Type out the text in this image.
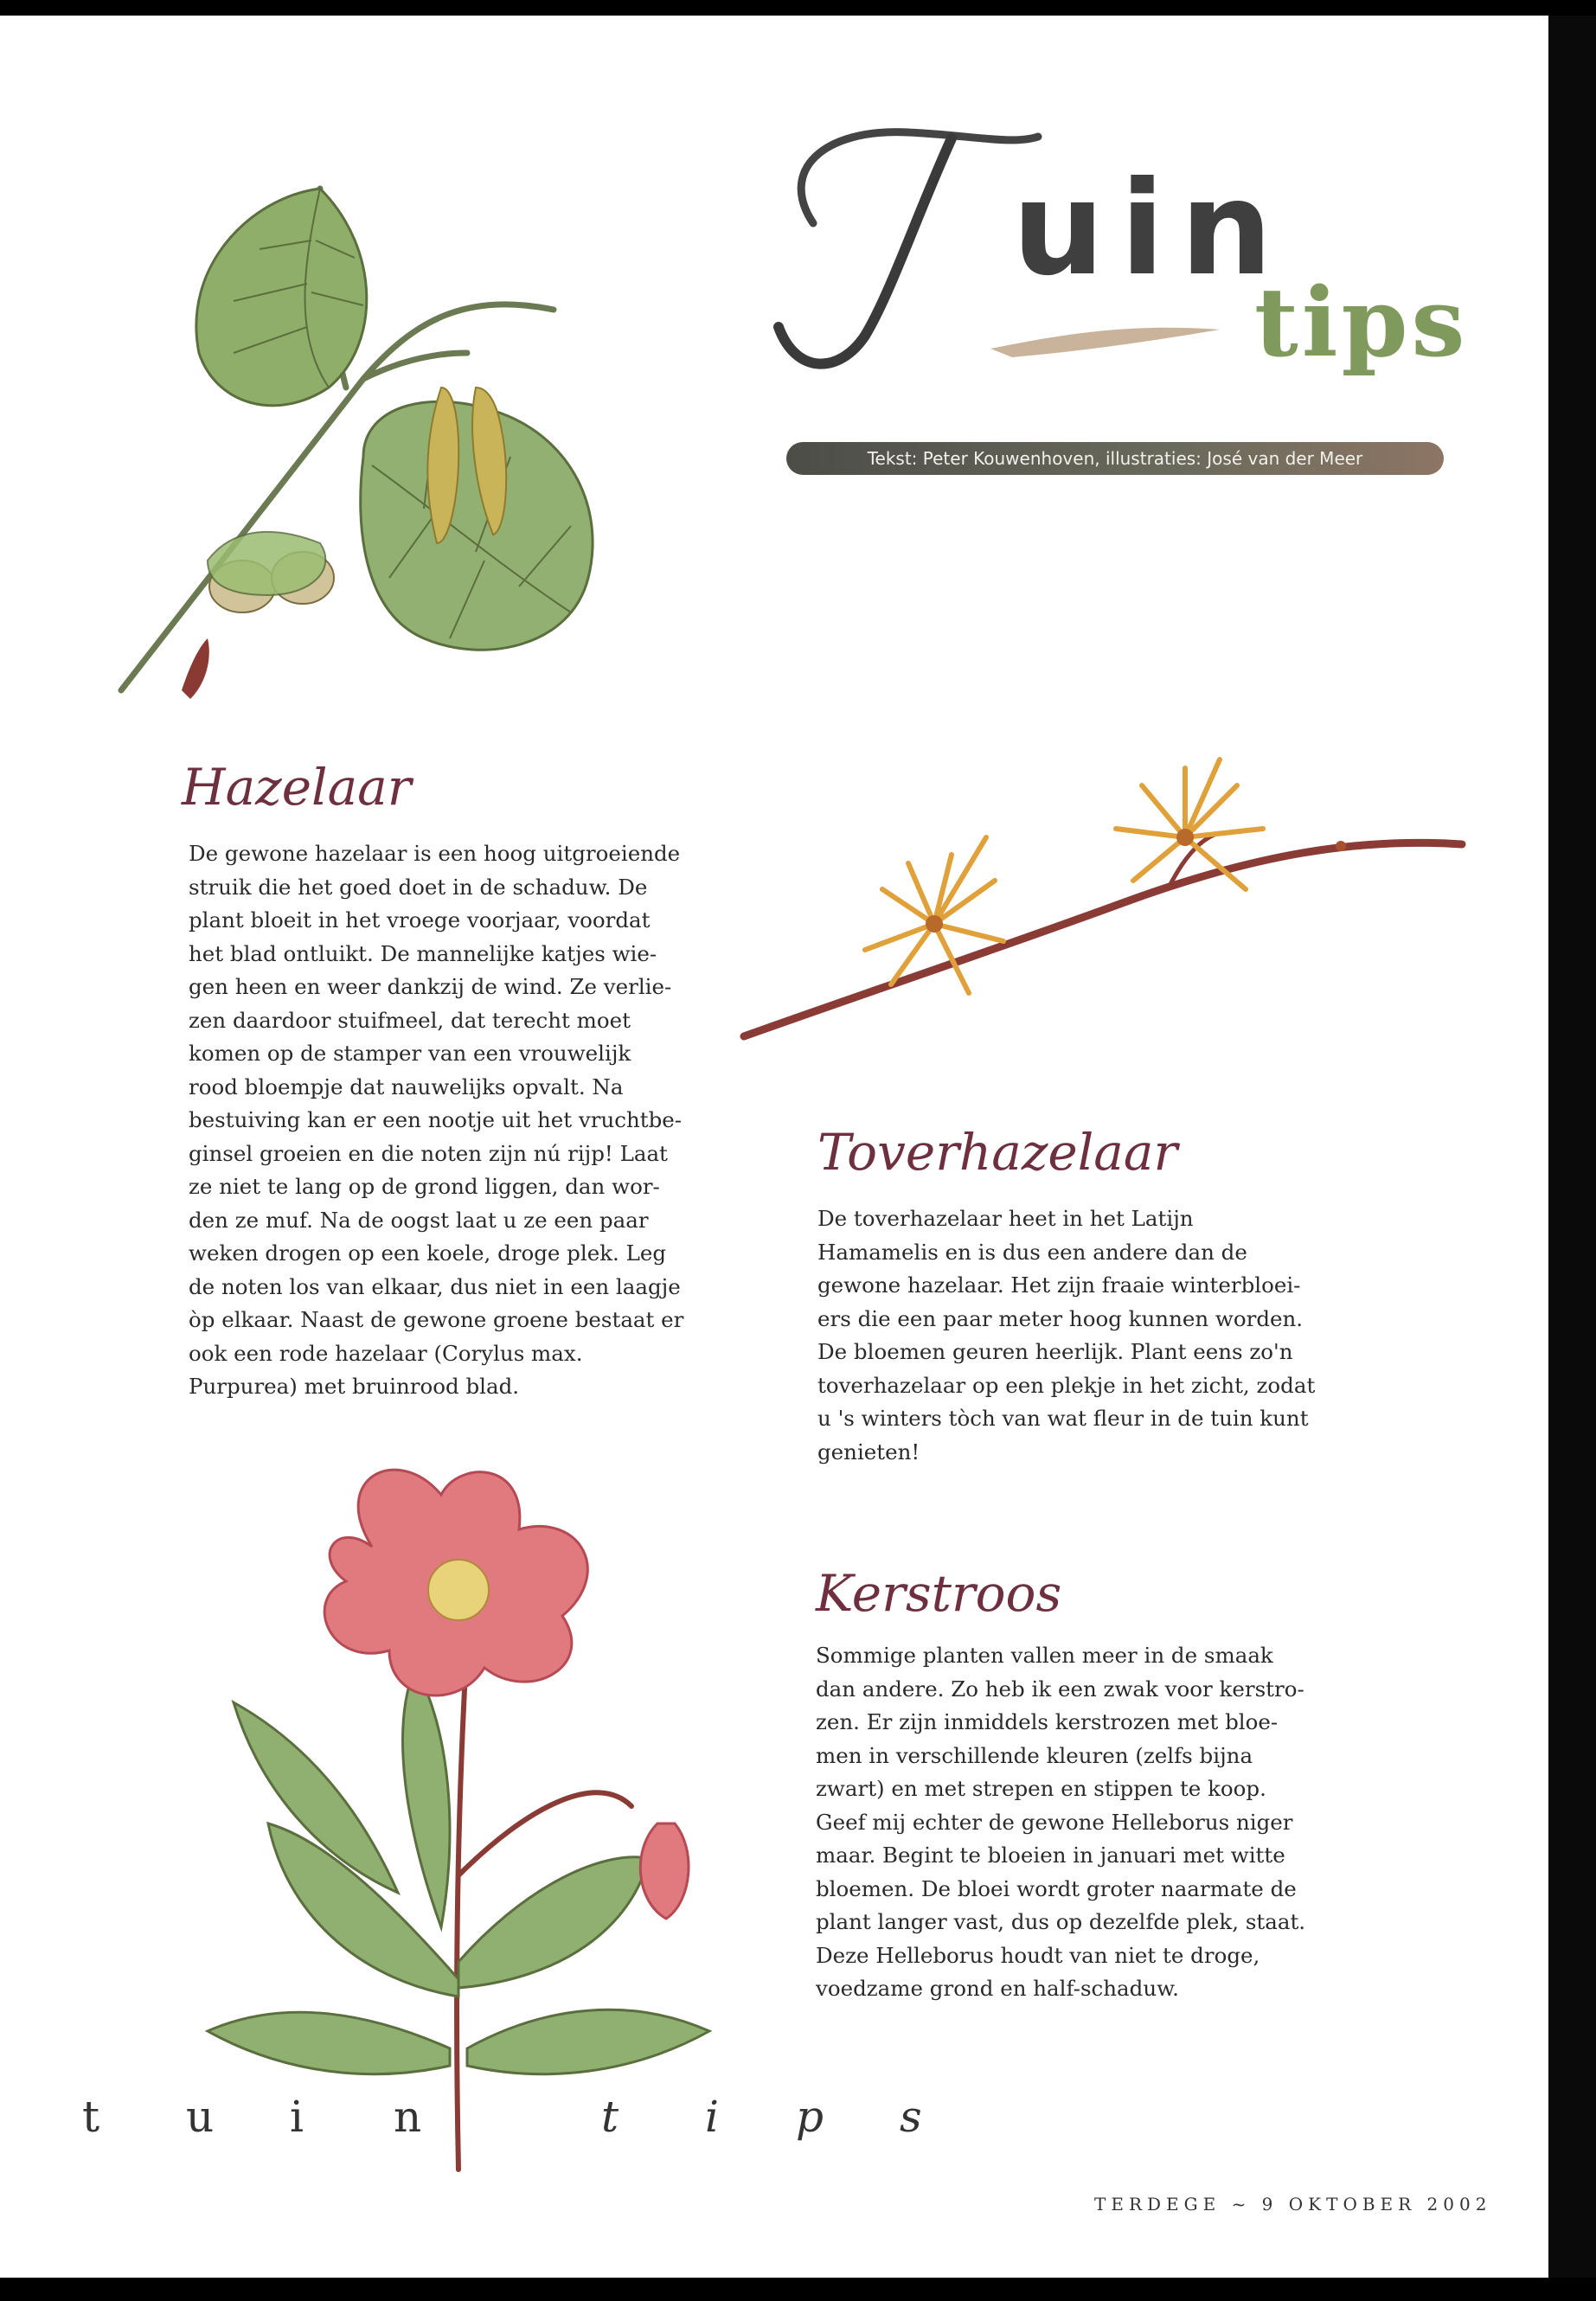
uin
tips
Tekst: Peter Kouwenhoven, illustraties: José van der Meer
Hazelaar
De gewone hazelaar is een hoog uitgroeiende
struik die het goed doet in de schaduw. De
plant bloeit in het vroege voorjaar, voordat
het blad ontluikt. De mannelijke katjes wie-
gen heen en weer dankzij de wind. Ze verlie-
zen daardoor stuifmeel, dat terecht moet
komen op de stamper van een vrouwelijk
rood bloempje dat nauwelijks opvalt. Na
bestuiving kan er een nootje uit het vruchtbe-
ginsel groeien en die noten zijn nú rijp! Laat
ze niet te lang op de grond liggen, dan wor-
den ze muf. Na de oogst laat u ze een paar
weken drogen op een koele, droge plek. Leg
de noten los van elkaar, dus niet in een laagje
òp elkaar. Naast de gewone groene bestaat er
ook een rode hazelaar (Corylus max.
Purpurea) met bruinrood blad.
Toverhazelaar
De toverhazelaar heet in het Latijn
Hamamelis en is dus een andere dan de
gewone hazelaar. Het zijn fraaie winterbloei-
ers die een paar meter hoog kunnen worden.
De bloemen geuren heerlijk. Plant eens zo'n
toverhazelaar op een plekje in het zicht, zodat
u 's winters tòch van wat fleur in de tuin kunt
genieten!
Kerstroos
Sommige planten vallen meer in de smaak
dan andere. Zo heb ik een zwak voor kerstro-
zen. Er zijn inmiddels kerstrozen met bloe-
men in verschillende kleuren (zelfs bijna
zwart) en met strepen en stippen te koop.
Geef mij echter de gewone Helleborus niger
maar. Begint te bloeien in januari met witte
bloemen. De bloei wordt groter naarmate de
plant langer vast, dus op dezelfde plek, staat.
Deze Helleborus houdt van niet te droge,
voedzame grond en half-schaduw.
t u i n	t i p s
TERDEGE ~ 9 OKTOBER 2002
